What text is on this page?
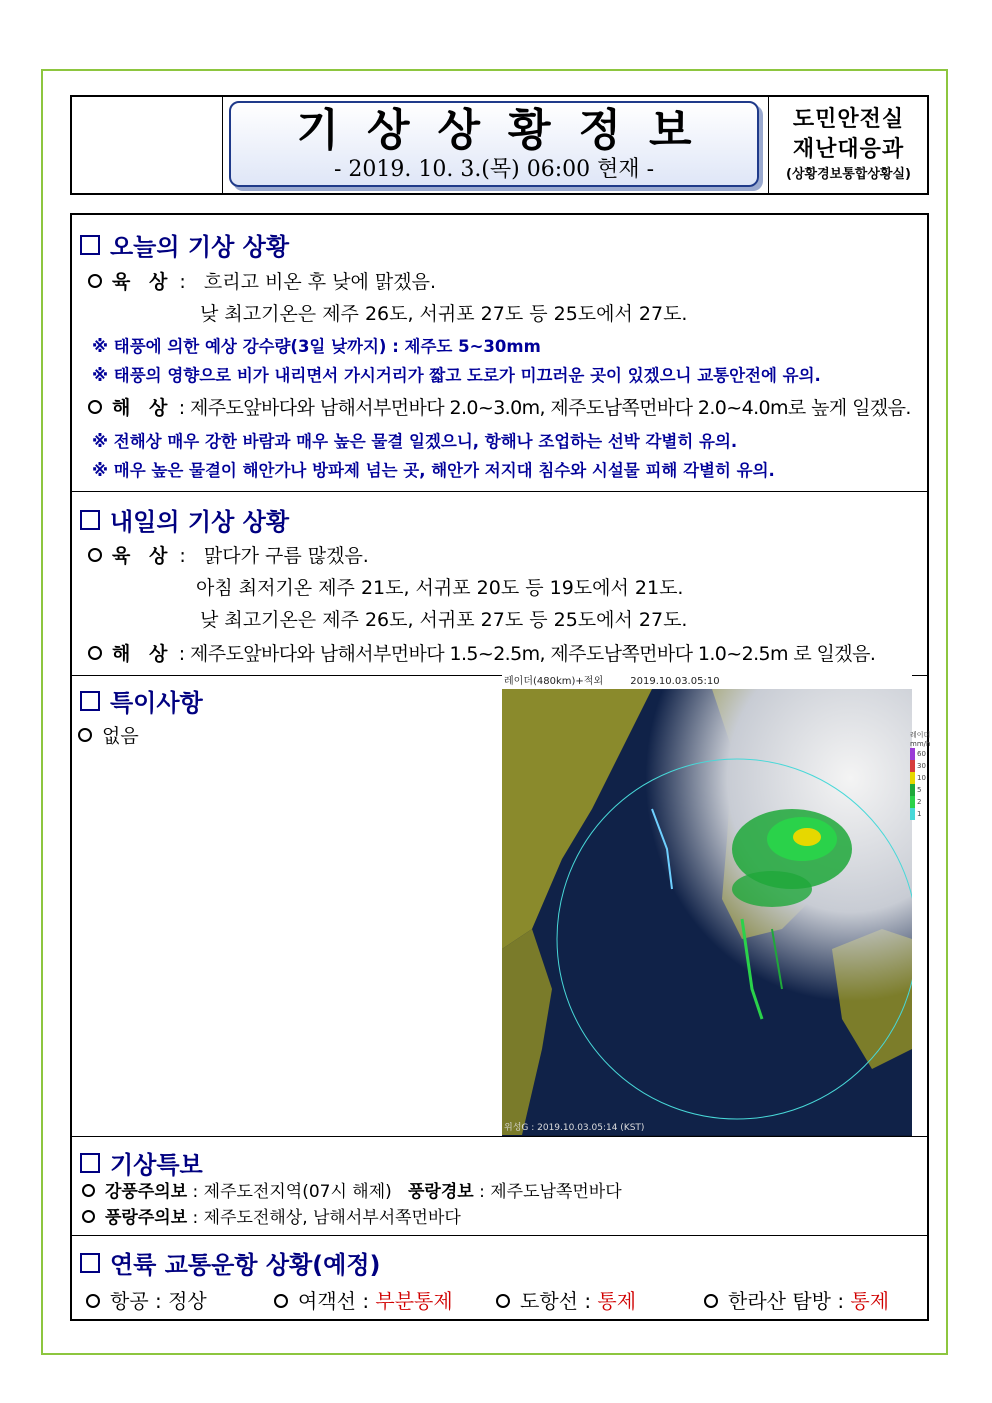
기상상황정보
- 2019. 10. 3.(목) 06:00 현재 -
도민안전실
재난대응과
(상황경보통합상황실)
오늘의 기상 상황
육 상 :   흐리고 비온 후 낮에 맑겠음.
낮 최고기온은 제주 26도, 서귀포 27도 등 25도에서 27도.
※ 태풍에 의한 예상 강수량(3일 낮까지) : 제주도 5~30mm
※ 태풍의 영향으로 비가 내리면서 가시거리가 짧고 도로가 미끄러운 곳이 있겠으니 교통안전에 유의.
해 상 : 제주도앞바다와 남해서부먼바다 2.0~3.0m, 제주도남쪽먼바다 2.0~4.0m로 높게 일겠음.
※ 전해상 매우 강한 바람과 매우 높은 물결 일겠으니, 항해나 조업하는 선박 각별히 유의.
※ 매우 높은 물결이 해안가나 방파제 넘는 곳, 해안가 저지대 침수와 시설물 피해 각별히 유의.
내일의 기상 상황
육 상 :   맑다가 구름 많겠음.
아침 최저기온 제주 21도, 서귀포 20도 등 19도에서 21도.
낮 최고기온은 제주 26도, 서귀포 27도 등 25도에서 27도.
해 상 : 제주도앞바다와 남해서부먼바다 1.5~2.5m, 제주도남쪽먼바다 1.0~2.5m 로 일겠음.
특이사항
없음
레이더(480km)+적외	2019.10.03.05:10
위성G : 2019.10.03.05:14 (KST)
레이더
mm/h
60
30
10
5
2
1
기상특보
강풍주의보 : 제주도전지역(07시 해제) 풍랑경보 : 제주도남쪽먼바다
풍랑주의보 : 제주도전해상, 남해서부서쪽먼바다
연륙 교통운항 상황(예정)
항공 : 정상	여객선 : 부분통제	도항선 : 통제	한라산 탐방 : 통제
